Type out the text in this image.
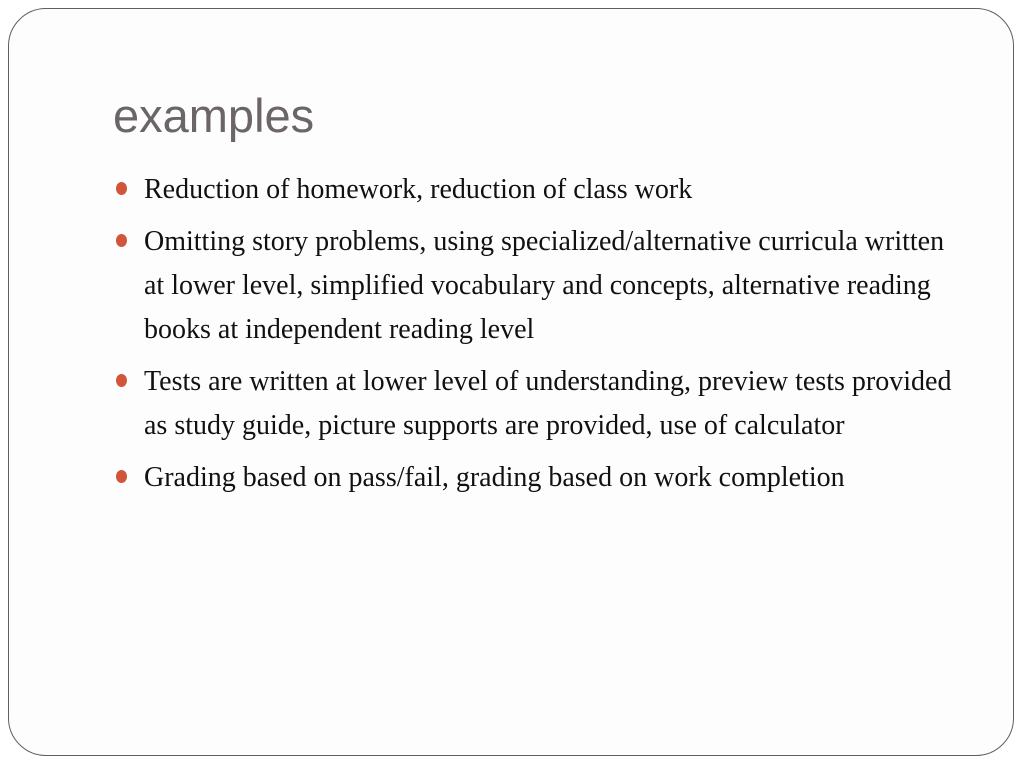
examples
Reduction of homework, reduction of class work
Omitting story problems, using specialized/alternative curricula written at lower level, simplified vocabulary and concepts, alternative reading books at independent reading level
Tests are written at lower level of understanding, preview tests provided as study guide, picture supports are provided, use of calculator
Grading based on pass/fail, grading based on work completion
